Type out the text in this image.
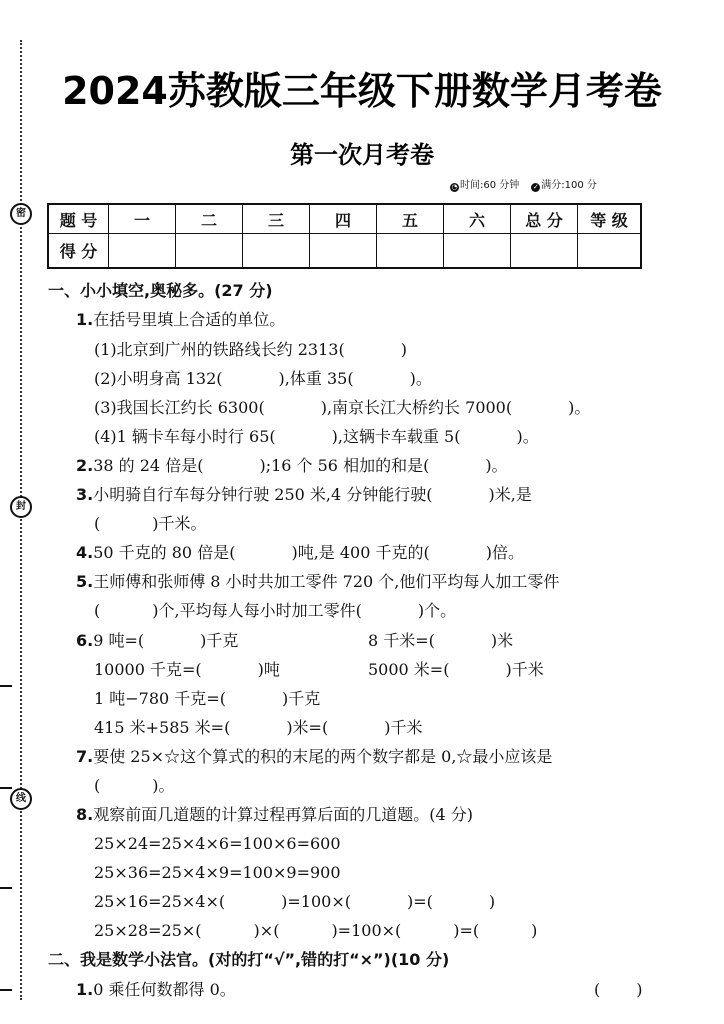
密
封
线
2024苏教版三年级下册数学月考卷
第一次月考卷
◔ 时间:60 分钟 ✓ 满分:100 分
题 号	一	二	三	四	五	六	总 分	等 级
得 分								
一、小小填空,奥秘多。(27 分)
1.在括号里填上合适的单位。
(1)北京到广州的铁路线长约 2313(	)
(2)小明身高 132(	),体重 35(	)。
(3)我国长江约长 6300(	),南京长江大桥约长 7000(	)。
(4)1 辆卡车每小时行 65(	),这辆卡车载重 5(	)。
2.38 的 24 倍是(	);16 个 56 相加的和是(	)。
3.小明骑自行车每分钟行驶 250 米,4 分钟能行驶(	)米,是
(	)千米。
4.50 千克的 80 倍是(	)吨,是 400 千克的(	)倍。
5.王师傅和张师傅 8 小时共加工零件 720 个,他们平均每人加工零件
(	)个,平均每人每小时加工零件(	)个。
6.9 吨=(	)千克	8 千米=(	)米
10000 千克=(	)吨	5000 米=(	)千米
1 吨−780 千克=(	)千克
415 米+585 米=(	)米=(	)千米
7.要使 25×☆这个算式的积的末尾的两个数字都是 0,☆最小应该是
(	)。
8.观察前面几道题的计算过程再算后面的几道题。(4 分)
25×24=25×4×6=100×6=600
25×36=25×4×9=100×9=900
25×16=25×4×(	)=100×(	)=(	)
25×28=25×(	)×(	)=100×(	)=(	)
二、我是数学小法官。(对的打“√”,错的打“×”)(10 分)
1.0 乘任何数都得 0。	( )
